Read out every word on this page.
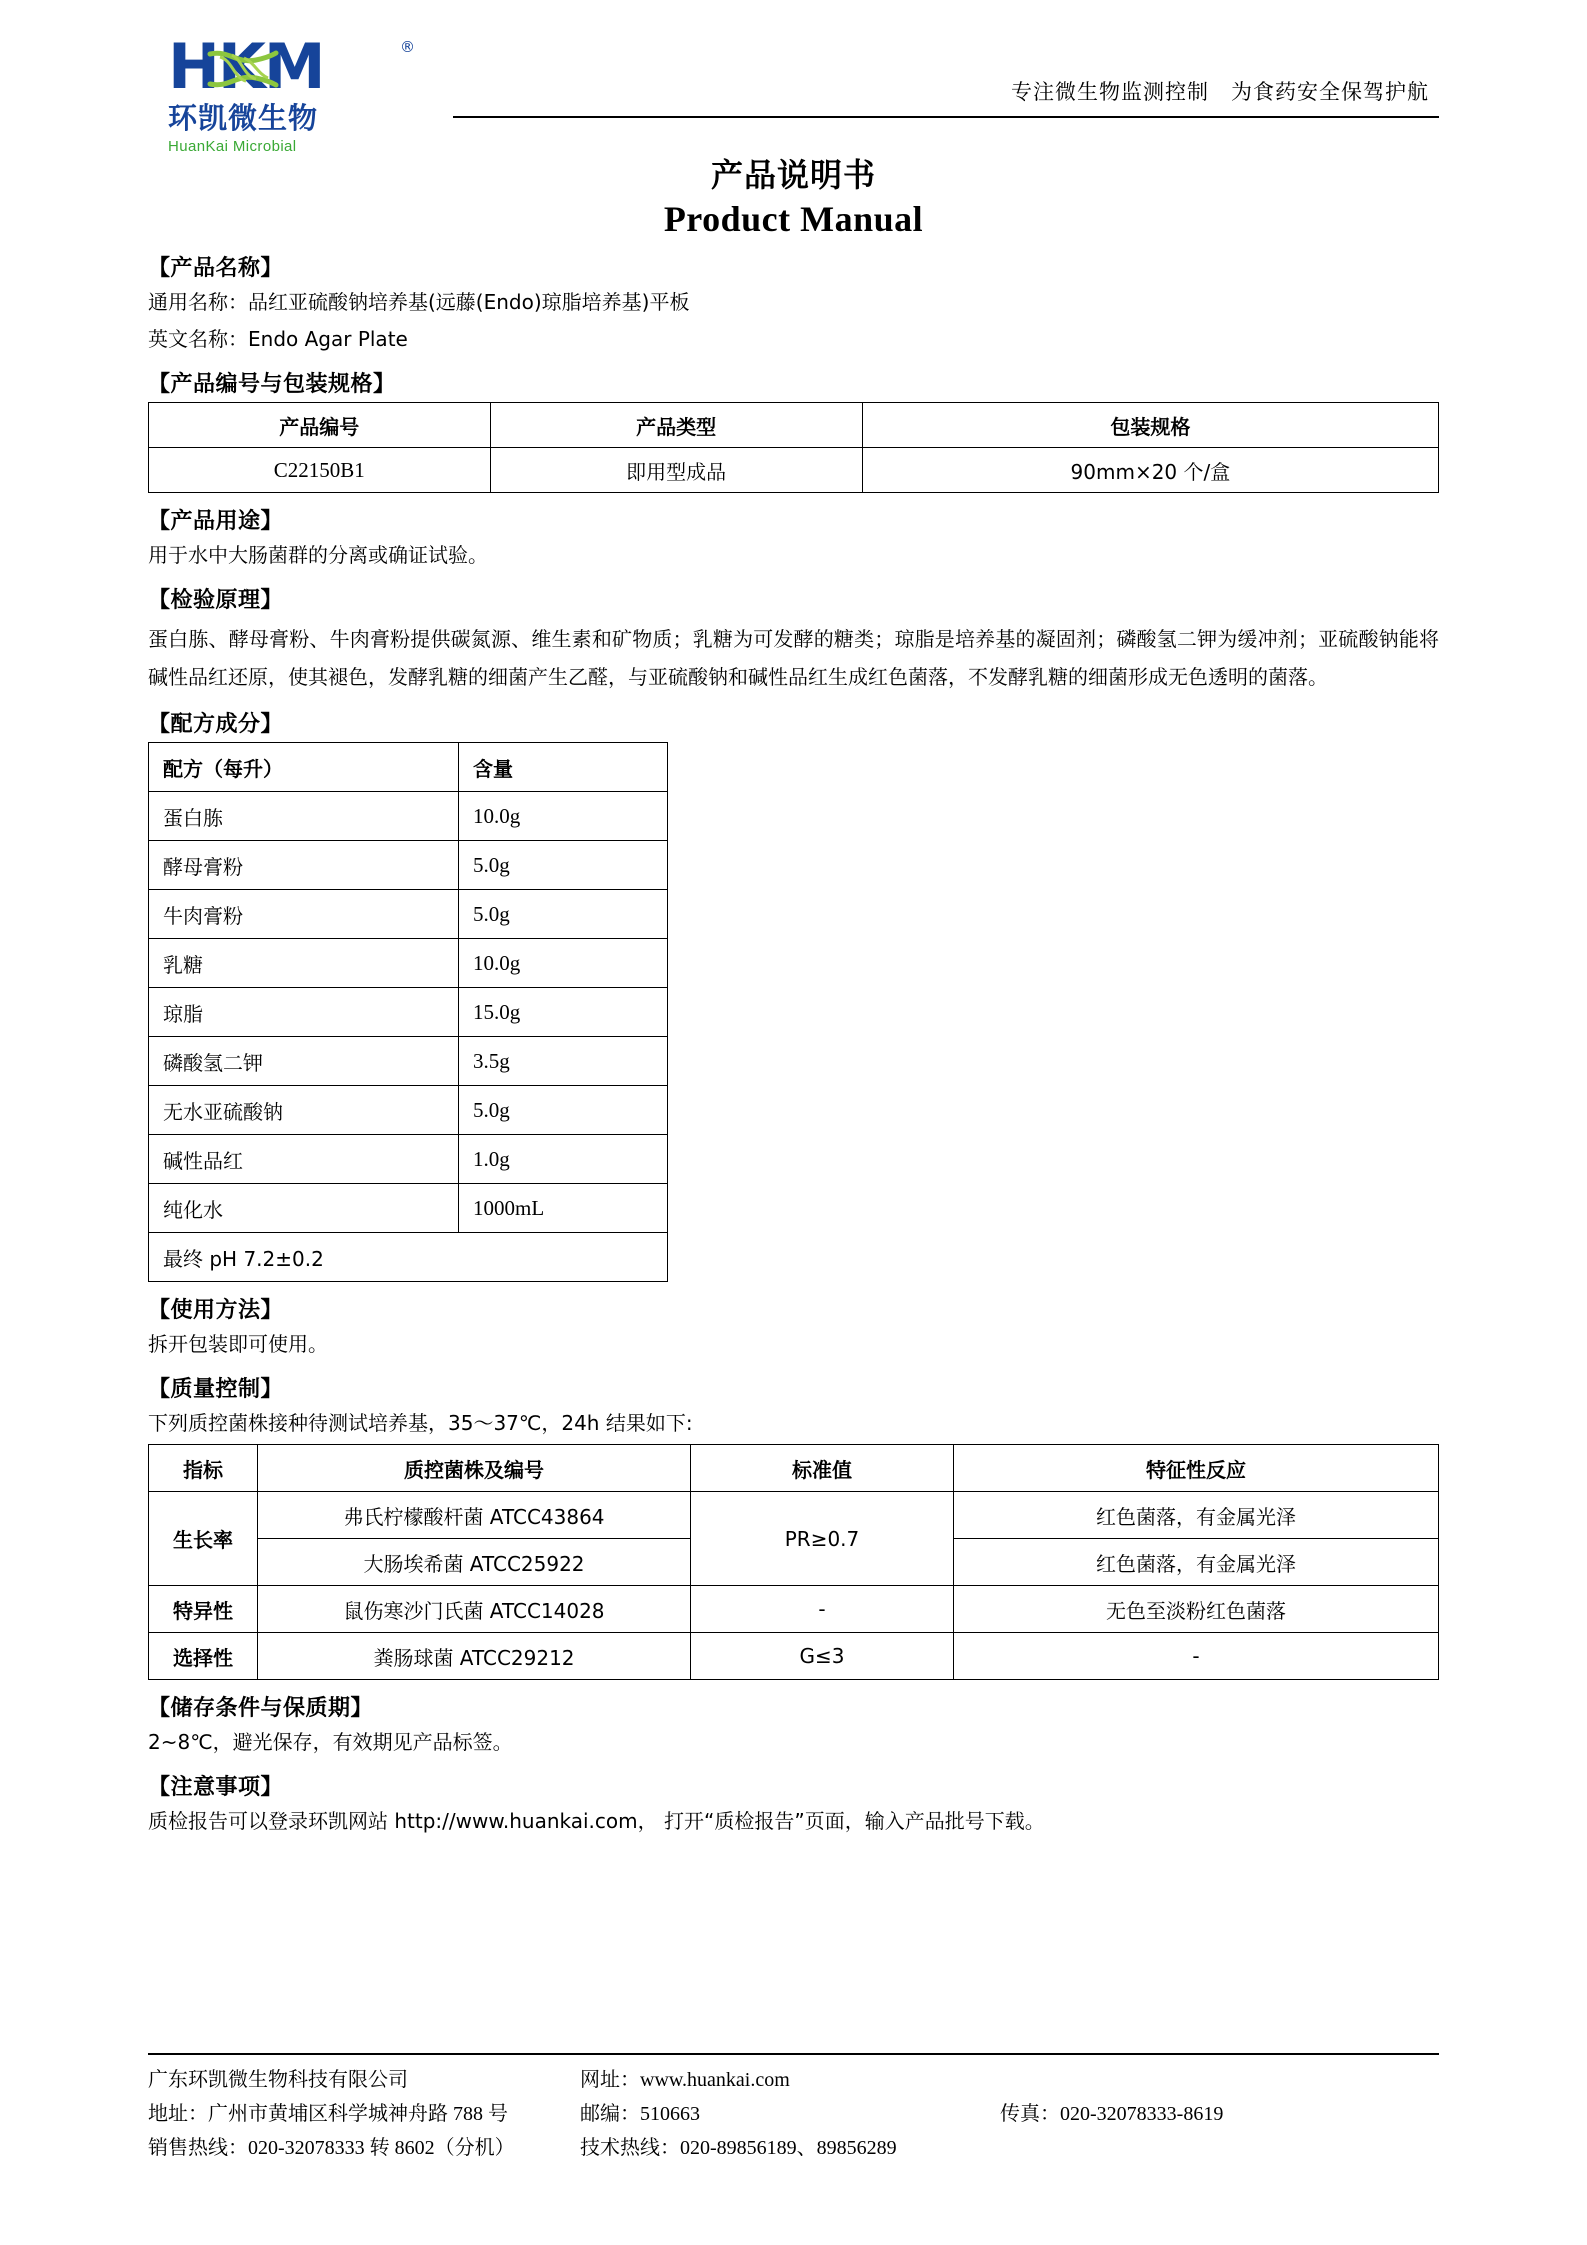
HKM	®
环凯微生物
HuanKai Microbial
专注微生物监测控制 为食药安全保驾护航
产品说明书
Product Manual
【产品名称】
通用名称：品红亚硫酸钠培养基(远藤(Endo)琼脂培养基)平板
英文名称：Endo Agar Plate
【产品编号与包装规格】
产品编号	产品类型	包装规格
C22150B1	即用型成品	90mm×20 个/盒
【产品用途】
用于水中大肠菌群的分离或确证试验。
【检验原理】
蛋白胨、酵母膏粉、牛肉膏粉提供碳氮源、维生素和矿物质；乳糖为可发酵的糖类；琼脂是培养基的凝固剂；磷酸氢二钾为缓冲剂；亚硫酸钠能将碱性品红还原，使其褪色，发酵乳糖的细菌产生乙醛，与亚硫酸钠和碱性品红生成红色菌落，不发酵乳糖的细菌形成无色透明的菌落。
【配方成分】
配方（每升）	含量
蛋白胨	10.0g
酵母膏粉	5.0g
牛肉膏粉	5.0g
乳糖	10.0g
琼脂	15.0g
磷酸氢二钾	3.5g
无水亚硫酸钠	5.0g
碱性品红	1.0g
纯化水	1000mL
最终 pH 7.2±0.2	
【使用方法】
拆开包装即可使用。
【质量控制】
下列质控菌株接种待测试培养基，35～37℃，24h 结果如下:
指标	质控菌株及编号	标准值	特征性反应
生长率	弗氏柠檬酸杆菌 ATCC43864	PR≥0.7	红色菌落，有金属光泽
	大肠埃希菌 ATCC25922		红色菌落，有金属光泽
特异性	鼠伤寒沙门氏菌 ATCC14028	-	无色至淡粉红色菌落
选择性	粪肠球菌 ATCC29212	G≤3	-
【储存条件与保质期】
2~8℃，避光保存，有效期见产品标签。
【注意事项】
质检报告可以登录环凯网站 http://www.huankai.com， 打开“质检报告”页面，输入产品批号下载。
广东环凯微生物科技有限公司
地址：广州市黄埔区科学城神舟路 788 号
销售热线：020-32078333 转 8602（分机）
网址：www.huankai.com
邮编：510663	传真：020-32078333-8619
技术热线：020-89856189、89856289
